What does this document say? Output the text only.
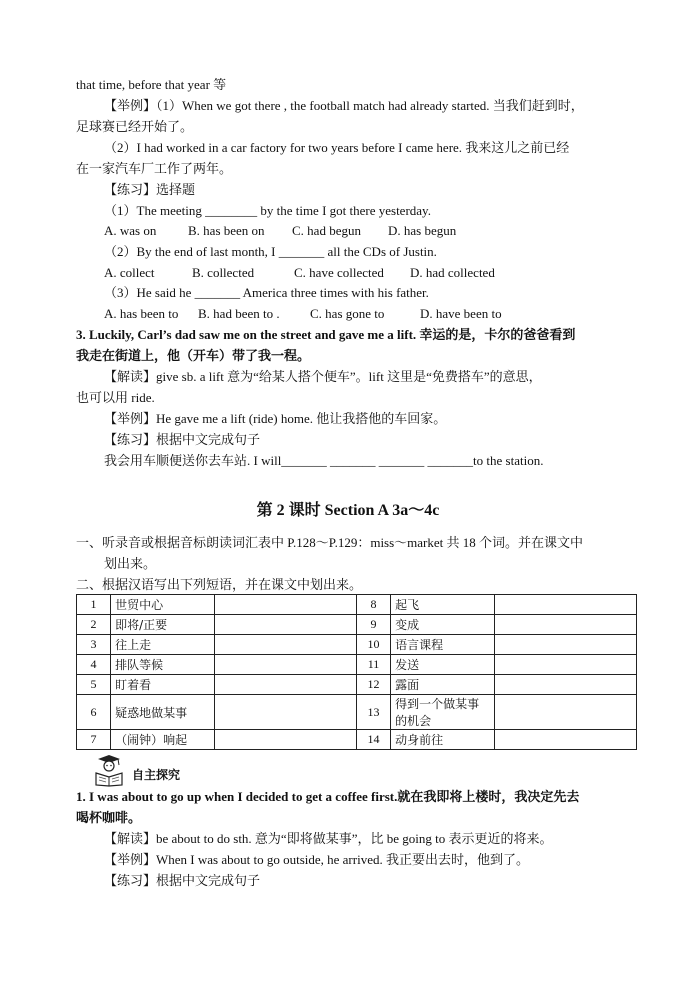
that time, before that year 等
【举例】（1）When we got there , the football match had already started. 当我们赶到时，
足球赛已经开始了。
（2）I had worked in a car factory for two years before I came here. 我来这儿之前已经
在一家汽车厂工作了两年。
【练习】选择题
（1）The meeting ________ by the time I got there yesterday.
A. was on B. has been on C. had begun D. has begun
（2）By the end of last month, I _______ all the CDs of Justin.
A. collect	B. collected	C. have collected D. had collected
（3）He said he _______ America three times with his father.
A. has been to B. had been to . C. has gone to	D. have been to
3. Luckily, Carl’s dad saw me on the street and gave me a lift. 幸运的是，卡尔的爸爸看到
我走在街道上，他（开车）带了我一程。
【解读】give sb. a lift 意为“给某人搭个便车”。lift 这里是“免费搭车”的意思，
也可以用 ride.
【举例】He gave me a lift (ride) home. 他让我搭他的车回家。
【练习】根据中文完成句子
我会用车顺便送你去车站. I will_______ _______ _______ _______to the station.
第 2 课时 Section A 3a～4c
一、听录音或根据音标朗读词汇表中 P.128～P.129：miss～market 共 18 个词。并在课文中
划出来。
二、根据汉语写出下列短语，并在课文中划出来。
1	世贸中心		8	起飞	
2	即将/正要		9	变成	
3	往上走		10	语言课程	
4	排队等候		11	发送	
5	盯着看		12	露面	
6	疑惑地做某事		13	得到一个做某事的机会	
7	（闹钟）响起		14	动身前往	
自主探究
1. I was about to go up when I decided to get a coffee first.就在我即将上楼时，我决定先去
喝杯咖啡。
【解读】be about to do sth. 意为“即将做某事”，比 be going to 表示更近的将来。
【举例】When I was about to go outside, he arrived. 我正要出去时，他到了。
【练习】根据中文完成句子
